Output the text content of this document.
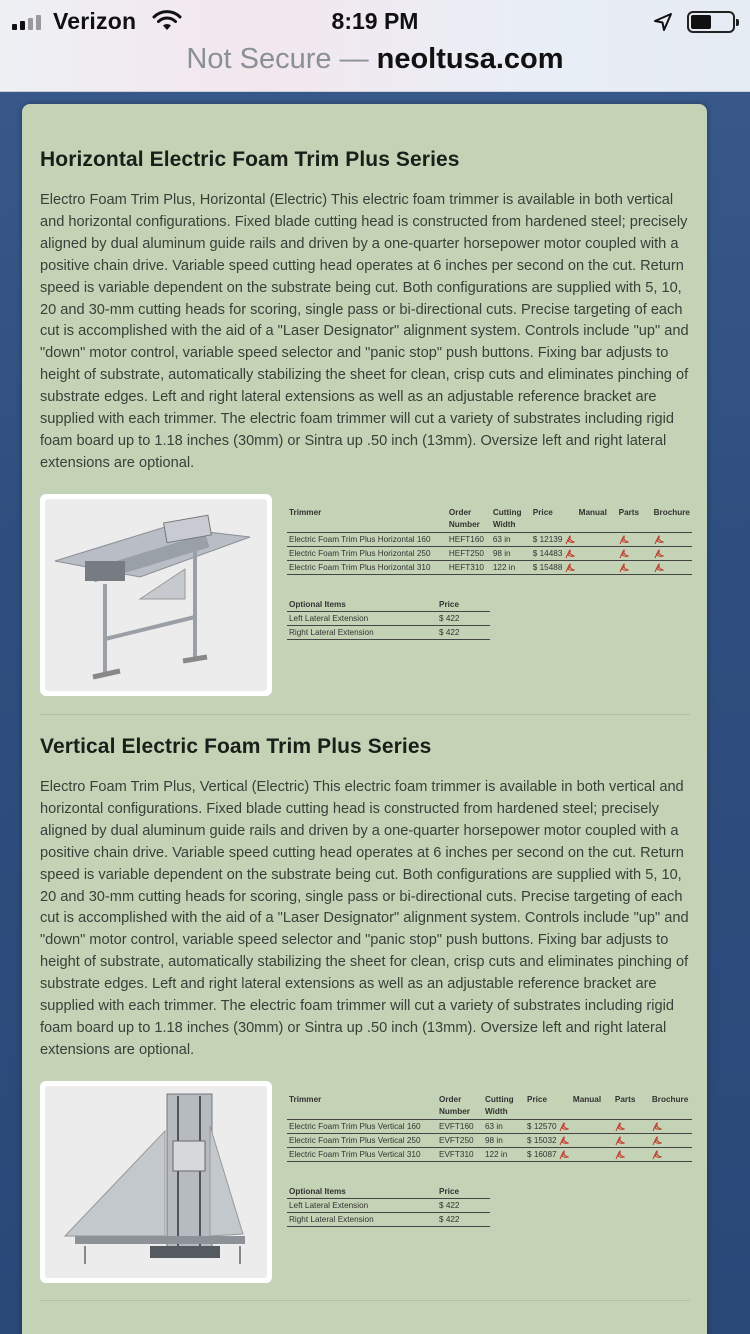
Verizon	8:19 PM
Not Secure — neoltusa.com
Horizontal Electric Foam Trim Plus Series

Electro Foam Trim Plus, Horizontal (Electric) This electric foam trimmer is available in both vertical and horizontal configurations. Fixed blade cutting head is constructed from hardened steel; precisely aligned by dual aluminum guide rails and driven by a one-quarter horsepower motor coupled with a positive chain drive. Variable speed cutting head operates at 6 inches per second on the cut. Return speed is variable dependent on the substrate being cut. Both configurations are supplied with 5, 10, 20 and 30-mm cutting heads for scoring, single pass or bi-directional cuts. Precise targeting of each cut is accomplished with the aid of a "Laser Designator" alignment system. Controls include "up" and "down" motor control, variable speed selector and "panic stop" push buttons. Fixing bar adjusts to height of substrate, automatically stabilizing the sheet for clean, crisp cuts and eliminates pinching of substrate edges. Left and right lateral extensions as well as an adjustable reference bracket are supplied with each trimmer. The electric foam trimmer will cut a variety of substrates including rigid foam board up to 1.18 inches (30mm) or Sintra up .50 inch (13mm). Oversize left and right lateral extensions are optional.

Trimmer	Order Number	Cutting Width	Price	Manual	Parts	Brochure
Electric Foam Trim Plus Horizontal 160	HEFT160	63 in	$ 12139			
Electric Foam Trim Plus Horizontal 250	HEFT250	98 in	$ 14483			
Electric Foam Trim Plus Horizontal 310	HEFT310	122 in	$ 15488			
Optional Items	Price
Left Lateral Extension	$ 422
Right Lateral Extension	$ 422
Vertical Electric Foam Trim Plus Series

Electro Foam Trim Plus, Vertical (Electric) This electric foam trimmer is available in both vertical and horizontal configurations. Fixed blade cutting head is constructed from hardened steel; precisely aligned by dual aluminum guide rails and driven by a one-quarter horsepower motor coupled with a positive chain drive. Variable speed cutting head operates at 6 inches per second on the cut. Return speed is variable dependent on the substrate being cut. Both configurations are supplied with 5, 10, 20 and 30-mm cutting heads for scoring, single pass or bi-directional cuts. Precise targeting of each cut is accomplished with the aid of a "Laser Designator" alignment system. Controls include "up" and "down" motor control, variable speed selector and "panic stop" push buttons. Fixing bar adjusts to height of substrate, automatically stabilizing the sheet for clean, crisp cuts and eliminates pinching of substrate edges. Left and right lateral extensions as well as an adjustable reference bracket are supplied with each trimmer. The electric foam trimmer will cut a variety of substrates including rigid foam board up to 1.18 inches (30mm) or Sintra up .50 inch (13mm). Oversize left and right lateral extensions are optional.

Trimmer	Order Number	Cutting Width	Price	Manual	Parts	Brochure
Electric Foam Trim Plus Vertical 160	EVFT160	63 in	$ 12570			
Electric Foam Trim Plus Vertical 250	EVFT250	98 in	$ 15032			
Electric Foam Trim Plus Vertical 310	EVFT310	122 in	$ 16087			
Optional Items	Price
Left Lateral Extension	$ 422
Right Lateral Extension	$ 422
